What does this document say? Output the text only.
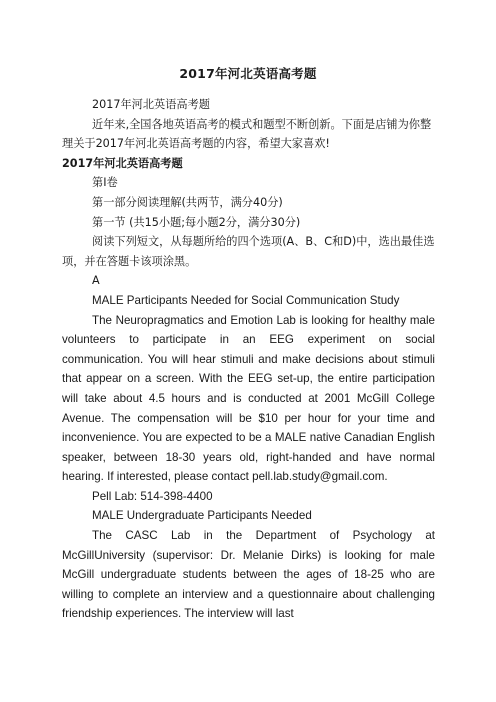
2017年河北英语高考题

2017年河北英语高考题

近年来,全国各地英语高考的模式和题型不断创新。下面是店铺为你整理关于2017年河北英语高考题的内容，希望大家喜欢!

2017年河北英语高考题

第Ⅰ卷

第一部分阅读理解(共两节，满分40分)

第一节 (共15小题;每小题2分，满分30分)

阅读下列短文，从每题所给的四个选项(A、B、C和D)中，选出最佳选项，并在答题卡该项涂黑。

A

MALE Participants Needed for Social Communication Study

The Neuropragmatics and Emotion Lab is looking for healthy male volunteers to participate in an EEG experiment on social communication. You will hear stimuli and make decisions about stimuli that appear on a screen. With the EEG set-up, the entire participation will take about 4.5 hours and is conducted at 2001 McGill College Avenue. The compensation will be $10 per hour for your time and inconvenience. You are expected to be a MALE native Canadian English speaker, between 18-30 years old, right-handed and have normal hearing. If interested, please contact pell.lab.study@gmail.com.

Pell Lab: 514-398-4400

MALE Undergraduate Participants Needed

The CASC Lab in the Department of Psychology at McGillUniversity (supervisor: Dr. Melanie Dirks) is looking for male McGill undergraduate students between the ages of 18-25 who are willing to complete an interview and a questionnaire about challenging friendship experiences. The interview will last
